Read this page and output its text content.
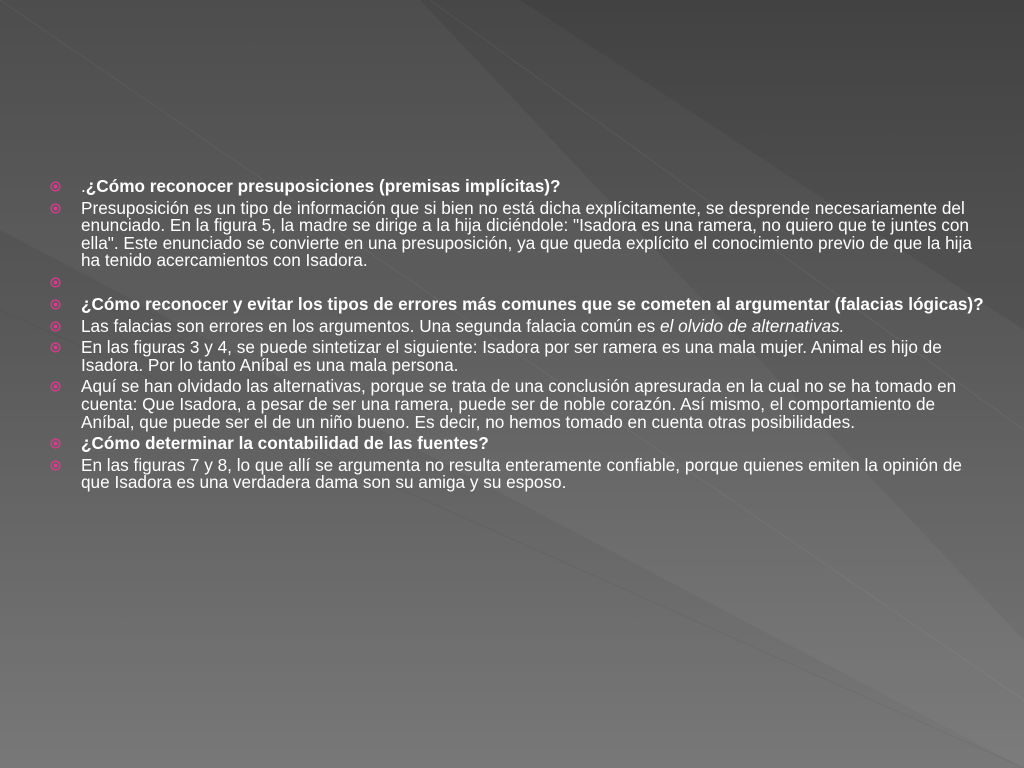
.¿Cómo reconocer presuposiciones (premisas implícitas)?
Presuposición es un tipo de información que si bien no está dicha explícitamente, se desprende necesariamente del enunciado. En la figura 5, la madre se dirige a la hija diciéndole: "Isadora es una ramera, no quiero que te juntes con ella". Este enunciado se convierte en una presuposición, ya que queda explícito el conocimiento previo de que la hija ha tenido acercamientos con Isadora.
¿Cómo reconocer y evitar los tipos de errores más comunes que se cometen al argumentar (falacias lógicas)?
Las falacias son errores en los argumentos. Una segunda falacia común es el olvido de alternativas.
En las figuras 3 y 4, se puede sintetizar el siguiente: Isadora por ser ramera es una mala mujer. Animal es hijo de Isadora. Por lo tanto Aníbal es una mala persona.
Aquí se han olvidado las alternativas, porque se trata de una conclusión apresurada en la cual no se ha tomado en cuenta: Que Isadora, a pesar de ser una ramera, puede ser de noble corazón. Así mismo, el comportamiento de Aníbal, que puede ser el de un niño bueno. Es decir, no hemos tomado en cuenta otras posibilidades.
¿Cómo determinar la contabilidad de las fuentes?
En las figuras 7 y 8, lo que allí se argumenta no resulta enteramente confiable, porque quienes emiten la opinión de que Isadora es una verdadera dama son su amiga y su esposo.
